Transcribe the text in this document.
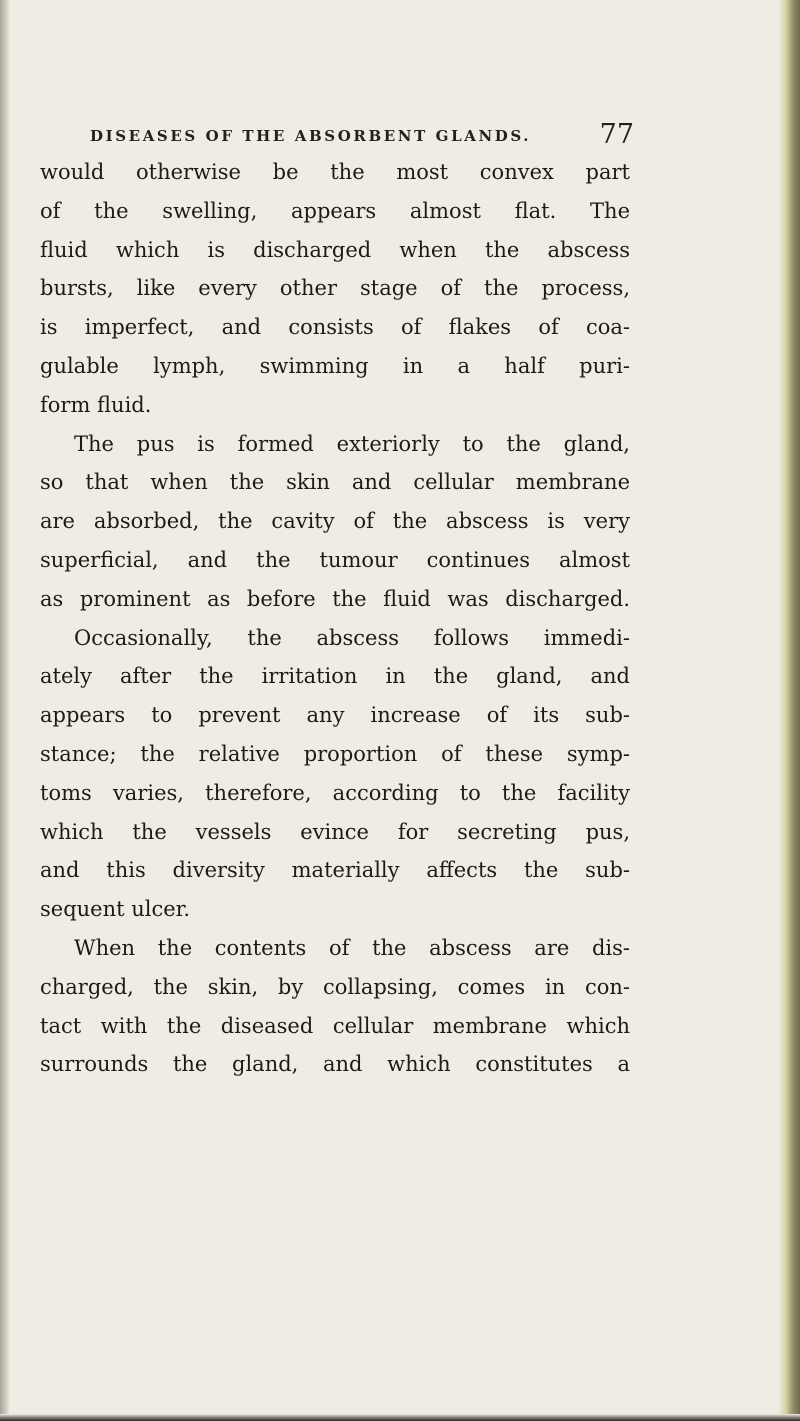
DISEASES OF THE ABSORBENT GLANDS.	77
would otherwise be the most convex part
of the swelling, appears almost flat. The
fluid which is discharged when the abscess
bursts, like every other stage of the process,
is imperfect, and consists of flakes of coa-
gulable lymph, swimming in a half puri-
form fluid.
The pus is formed exteriorly to the gland,
so that when the skin and cellular membrane
are absorbed, the cavity of the abscess is very
superficial, and the tumour continues almost
as prominent as before the fluid was discharged.
Occasionally, the abscess follows immedi-
ately after the irritation in the gland, and
appears to prevent any increase of its sub-
stance; the relative proportion of these symp-
toms varies, therefore, according to the facility
which the vessels evince for secreting pus,
and this diversity materially affects the sub-
sequent ulcer.
When the contents of the abscess are dis-
charged, the skin, by collapsing, comes in con-
tact with the diseased cellular membrane which
surrounds the gland, and which constitutes a
